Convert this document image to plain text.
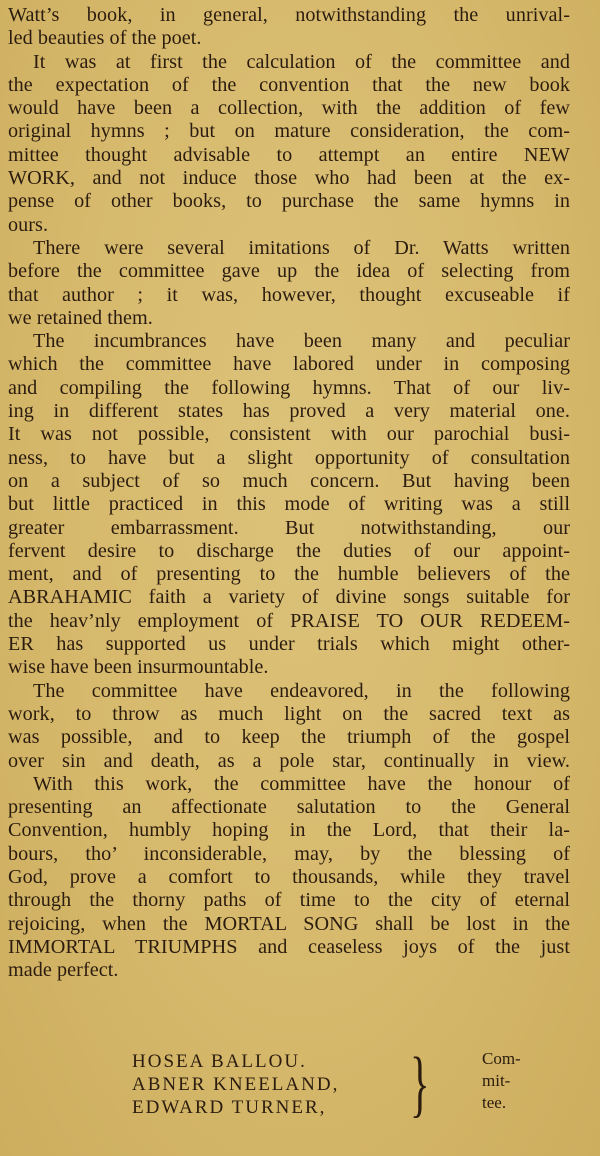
Watt’s book, in general, notwithstanding the unrival-
led beauties of the poet.
It was at first the calculation of the committee and
the expectation of the convention that the new book
would have been a collection, with the addition of few
original hymns ; but on mature consideration, the com-
mittee thought advisable to attempt an entire NEW
WORK, and not induce those who had been at the ex-
pense of other books, to purchase the same hymns in
ours.
There were several imitations of Dr. Watts written
before the committee gave up the idea of selecting from
that author ; it was, however, thought excuseable if
we retained them.
The incumbrances have been many and peculiar
which the committee have labored under in composing
and compiling the following hymns. That of our liv-
ing in different states has proved a very material one.
It was not possible, consistent with our parochial busi-
ness, to have but a slight opportunity of consultation
on a subject of so much concern. But having been
but little practiced in this mode of writing was a still
greater embarrassment. But notwithstanding, our
fervent desire to discharge the duties of our appoint-
ment, and of presenting to the humble believers of the
ABRAHAMIC faith a variety of divine songs suitable for
the heav’nly employment of PRAISE TO OUR REDEEM-
ER has supported us under trials which might other-
wise have been insurmountable.
The committee have endeavored, in the following
work, to throw as much light on the sacred text as
was possible, and to keep the triumph of the gospel
over sin and death, as a pole star, continually in view.
With this work, the committee have the honour of
presenting an affectionate salutation to the General
Convention, humbly hoping in the Lord, that their la-
bours, tho’ inconsiderable, may, by the blessing of
God, prove a comfort to thousands, while they travel
through the thorny paths of time to the city of eternal
rejoicing, when the MORTAL SONG shall be lost in the
IMMORTAL TRIUMPHS and ceaseless joys of the just
made perfect.
HOSEA BALLOU.
ABNER KNEELAND,
EDWARD TURNER, }	Com-
mit-
tee.
